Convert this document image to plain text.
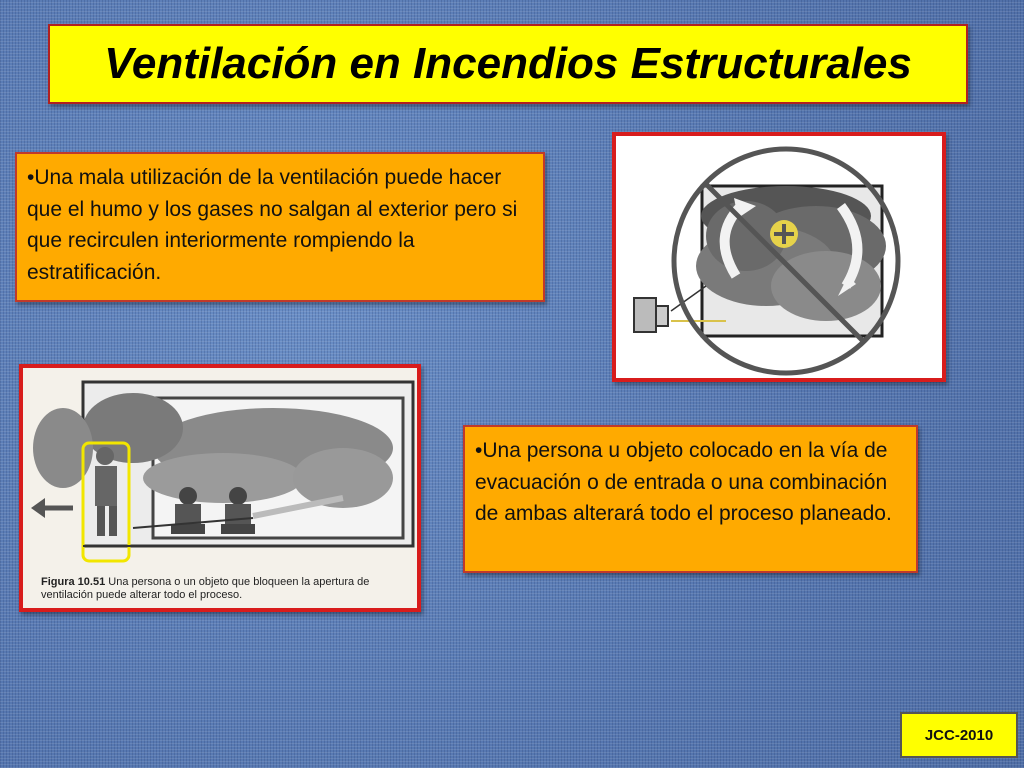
Ventilación en Incendios Estructurales
•Una mala utilización de la ventilación puede hacer que el humo y los gases no salgan al exterior pero si que recirculen interiormente rompiendo la estratificación.
Figura 10.51 Una persona o un objeto que bloqueen la apertura de ventilación puede alterar todo el proceso.
•Una persona u objeto colocado en la vía de evacuación o de entrada o una combinación de ambas alterará todo el proceso planeado.
JCC-2010
